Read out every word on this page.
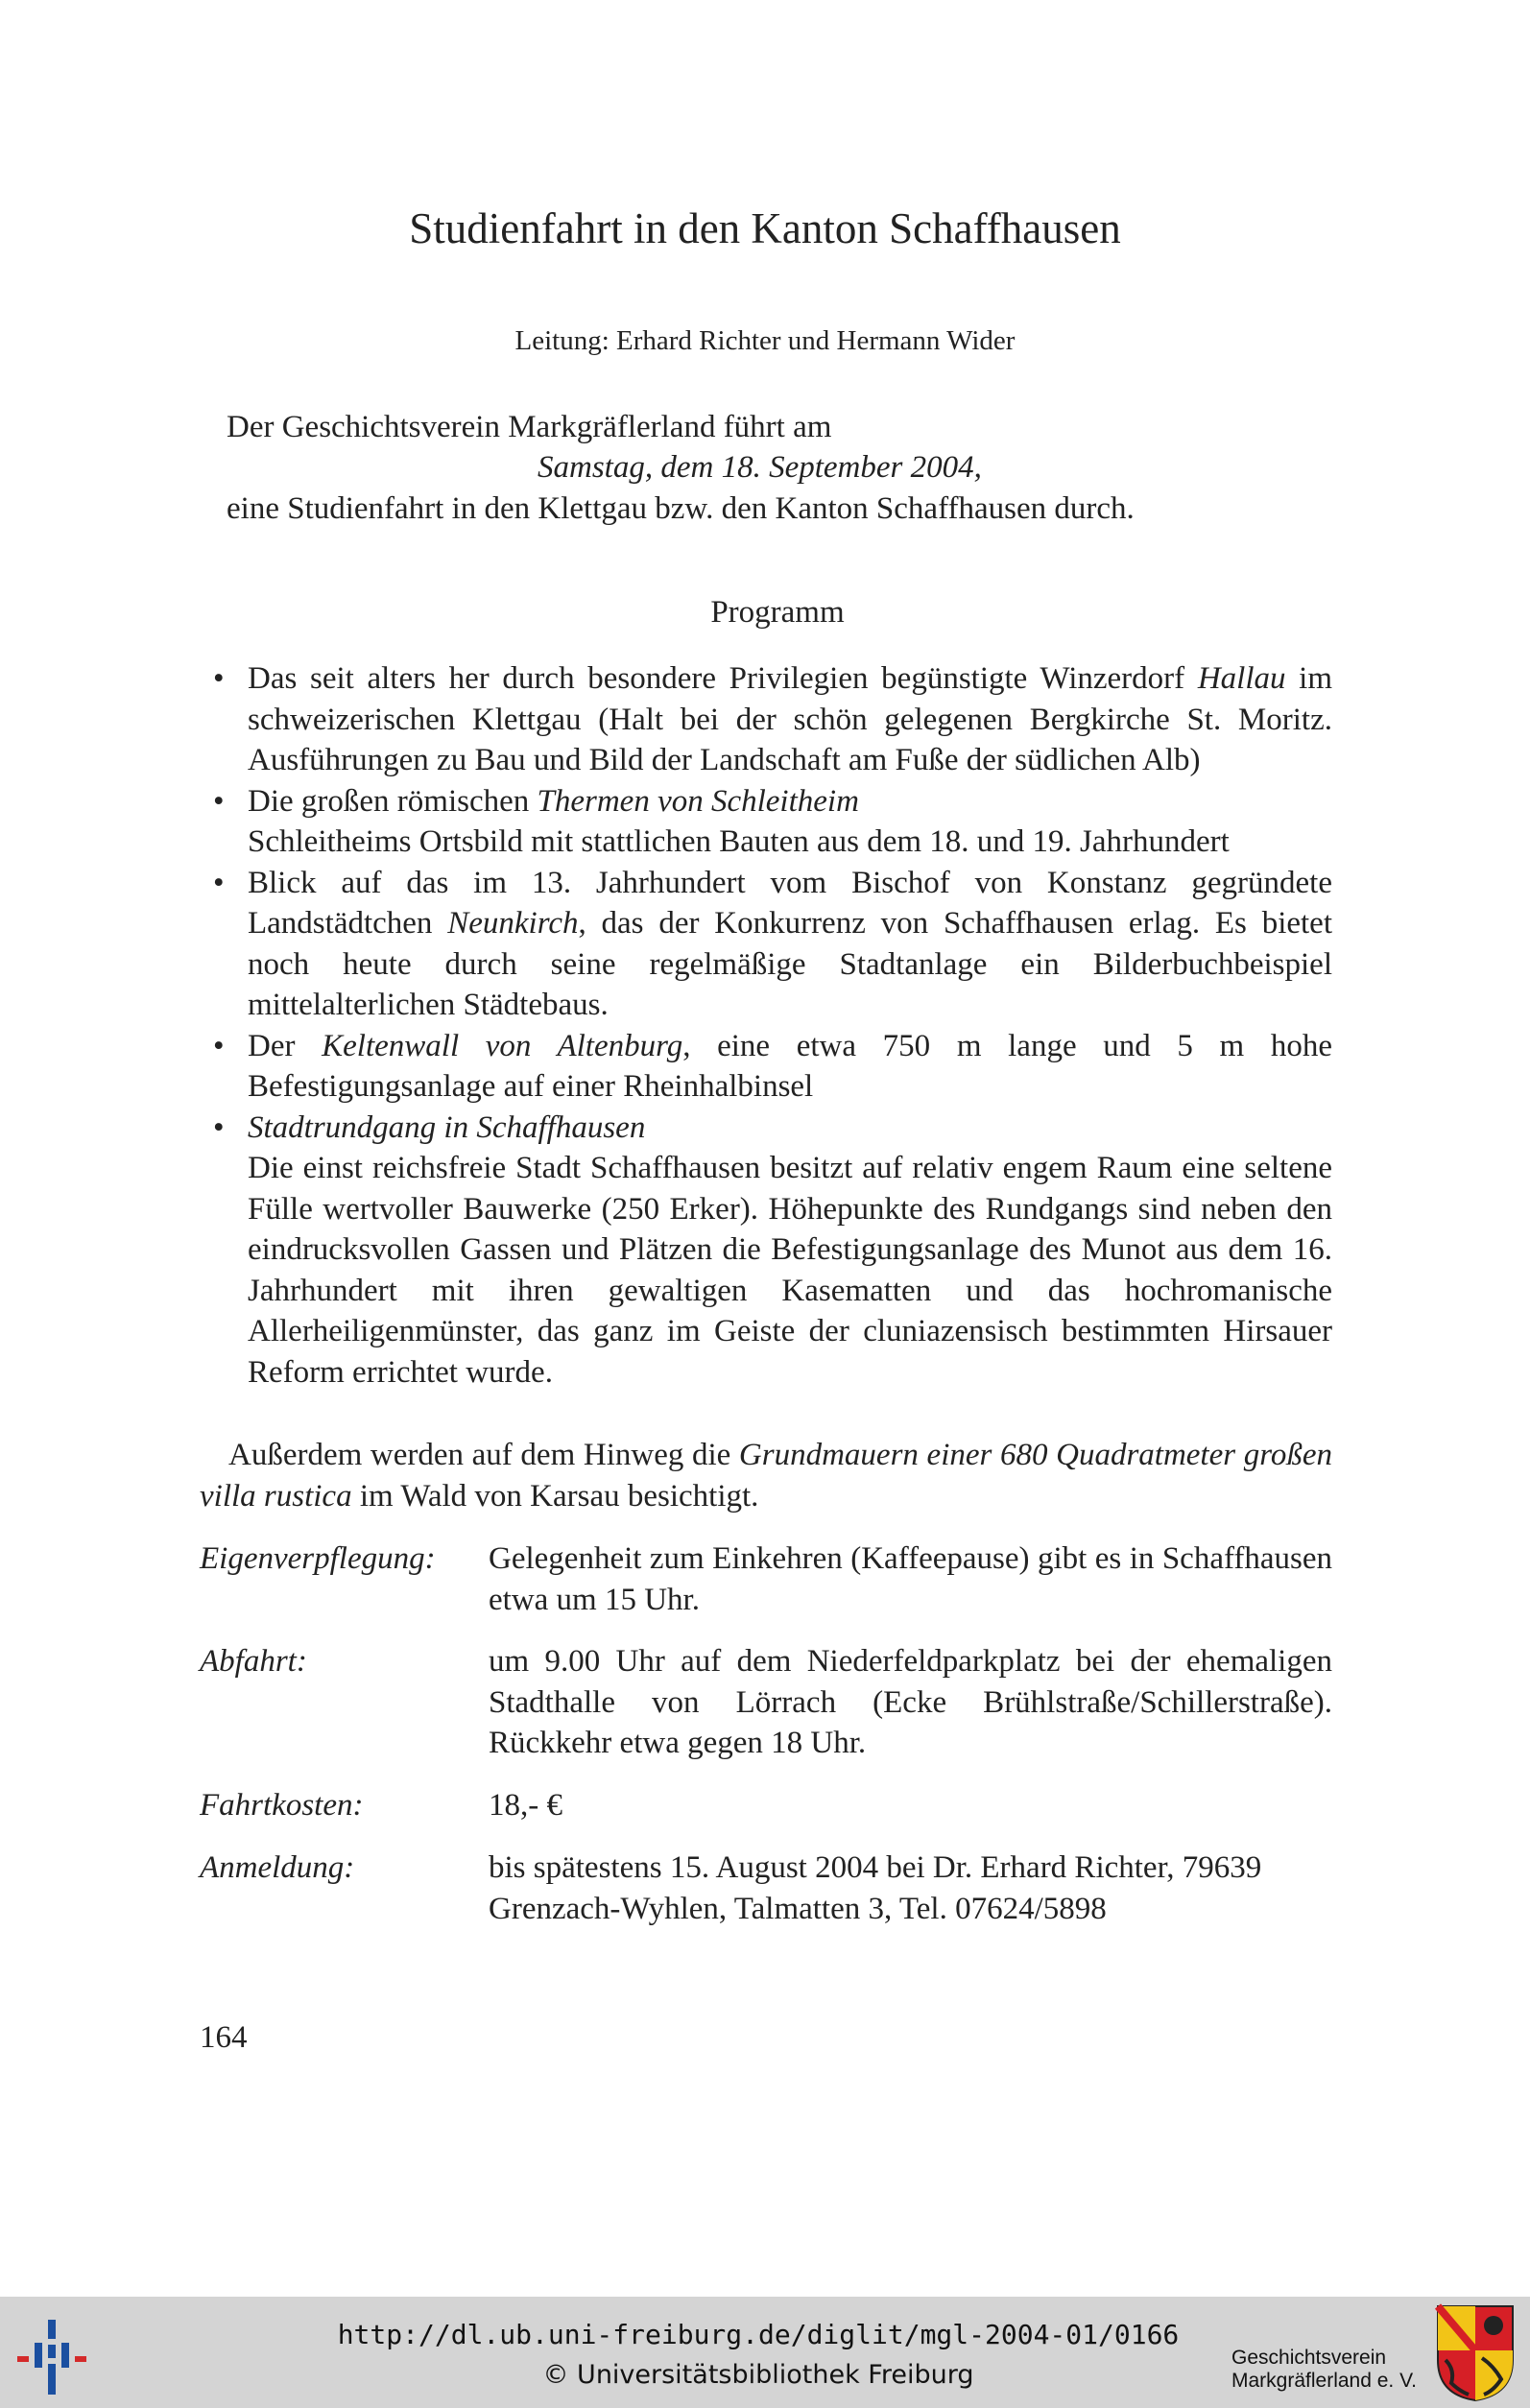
Studienfahrt in den Kanton Schaffhausen
Leitung: Erhard Richter und Hermann Wider
Der Geschichtsverein Markgräflerland führt am
Samstag, dem 18. September 2004,
eine Studienfahrt in den Klettgau bzw. den Kanton Schaffhausen durch.
Programm
• Das seit alters her durch besondere Privilegien begünstigte Winzerdorf Hallau im schweizerischen Klettgau (Halt bei der schön gelegenen Bergkirche St. Moritz. Ausführungen zu Bau und Bild der Landschaft am Fuße der südlichen Alb)
• Die großen römischen Thermen von Schleitheim
Schleitheims Ortsbild mit stattlichen Bauten aus dem 18. und 19. Jahrhundert
• Blick auf das im 13. Jahrhundert vom Bischof von Konstanz gegründete Landstädtchen Neunkirch, das der Konkurrenz von Schaffhausen erlag. Es bietet noch heute durch seine regelmäßige Stadtanlage ein Bilderbuchbeispiel mittelalterlichen Städtebaus.
• Der Keltenwall von Altenburg, eine etwa 750 m lange und 5 m hohe Befestigungsanlage auf einer Rheinhalbinsel
• Stadtrundgang in Schaffhausen
Die einst reichsfreie Stadt Schaffhausen besitzt auf relativ engem Raum eine seltene Fülle wertvoller Bauwerke (250 Erker). Höhepunkte des Rundgangs sind neben den eindrucksvollen Gassen und Plätzen die Befestigungsanlage des Munot aus dem 16. Jahrhundert mit ihren gewaltigen Kasematten und das hochromanische Allerheiligenmünster, das ganz im Geiste der cluniazensisch bestimmten Hirsauer Reform errichtet wurde.
Außerdem werden auf dem Hinweg die Grundmauern einer 680 Quadratmeter großen villa rustica im Wald von Karsau besichtigt.
Eigenverpflegung: Gelegenheit zum Einkehren (Kaffeepause) gibt es in Schaffhausen etwa um 15 Uhr.
Abfahrt:	um 9.00 Uhr auf dem Niederfeldparkplatz bei der ehemaligen Stadthalle von Lörrach (Ecke Brühlstraße/Schillerstraße). Rückkehr etwa gegen 18 Uhr.
Fahrtkosten:	18,- €
Anmeldung:	bis spätestens 15. August 2004 bei Dr. Erhard Richter, 79639 Grenzach-Wyhlen, Talmatten 3, Tel. 07624/5898
164
http://dl.ub.uni-freiburg.de/diglit/mgl-2004-01/0166
© Universitätsbibliothek Freiburg
Geschichtsverein
Markgräflerland e. V.
